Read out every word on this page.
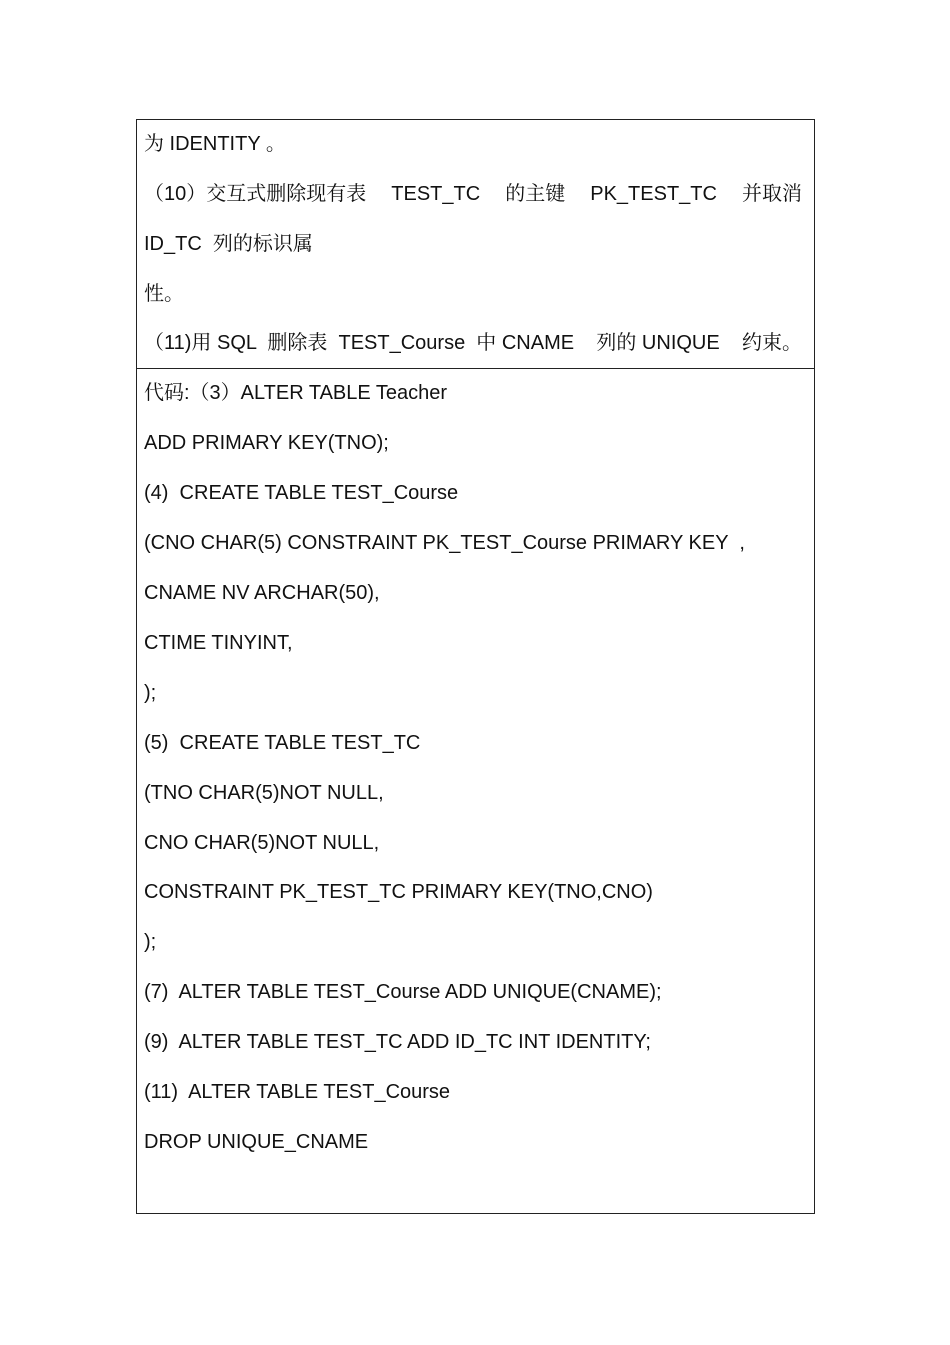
为 IDENTITY 。
（10）交互式删除现有表 TEST_TC 的主键 PK_TEST_TC 并取消
ID_TC  列的标识属
性。
（11)用 SQL  删除表  TEST_Course  中 CNAME 列的 UNIQUE 约束。
代码:（3）ALTER TABLE Teacher
ADD PRIMARY KEY(TNO);
(4)  CREATE TABLE TEST_Course
(CNO CHAR(5) CONSTRAINT PK_TEST_Course PRIMARY KEY  ,
CNAME NV ARCHAR(50),
CTIME TINYINT,
);
(5)  CREATE TABLE TEST_TC
(TNO CHAR(5)NOT NULL,
CNO CHAR(5)NOT NULL,
CONSTRAINT PK_TEST_TC PRIMARY KEY(TNO,CNO)
);
(7)  ALTER TABLE TEST_Course ADD UNIQUE(CNAME);
(9)  ALTER TABLE TEST_TC ADD ID_TC INT IDENTITY;
(11)  ALTER TABLE TEST_Course
DROP UNIQUE_CNAME
